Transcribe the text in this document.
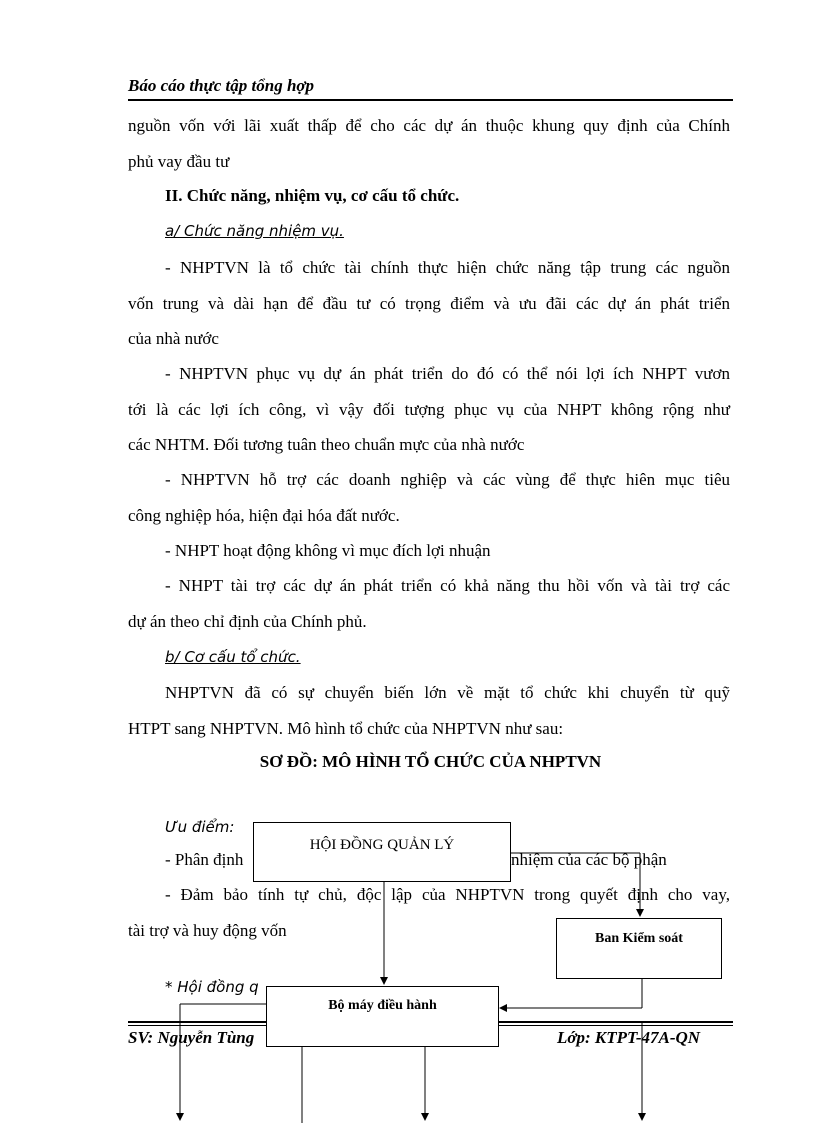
Báo cáo thực tập tổng hợp
nguồn vốn với lãi xuất thấp để cho các dự án thuộc khung quy định của Chính
phủ vay đầu tư
II. Chức năng, nhiệm vụ, cơ cấu tổ chức.
a/ Chức năng nhiệm vụ.
- NHPTVN là tổ chức tài chính thực hiện chức năng tập trung các nguồn
vốn trung và dài hạn để đầu tư có trọng điểm và ưu đãi các dự án phát triển
của nhà nước
- NHPTVN phục vụ dự án phát triển do đó có thể nói lợi ích NHPT vươn
tới là các lợi ích công, vì vậy đối tượng phục vụ của NHPT không rộng như
các NHTM. Đối tương tuân theo chuẩn mực của nhà nước
- NHPTVN hỗ trợ các doanh nghiệp và các vùng để thực hiên mục tiêu
công nghiệp hóa, hiện đại hóa đất nước.
- NHPT hoạt động không vì mục đích lợi nhuận
- NHPT tài trợ các dự án phát triển có khả năng thu hồi vốn và tài trợ các
dự án theo chỉ định của Chính phủ.
b/ Cơ cấu tổ chức.
NHPTVN đã có sự chuyển biến lớn về mặt tổ chức khi chuyển từ quỹ
HTPT sang NHPTVN. Mô hình tổ chức của NHPTVN như sau:
SƠ ĐỒ: MÔ HÌNH TỔ CHỨC CỦA NHPTVN
Ưu điểm:
- Phân định	nhiệm của các bộ phận
- Đảm bảo tính tự chủ, độc lập của NHPTVN trong quyết định cho vay,
tài trợ và huy động vốn
* Hội đồng q
HỘI ĐỒNG QUẢN LÝ
Ban Kiểm soát
SV: Nguyễn Tùng	Lớp: KTPT-47A-QN
Bộ máy điều hành
